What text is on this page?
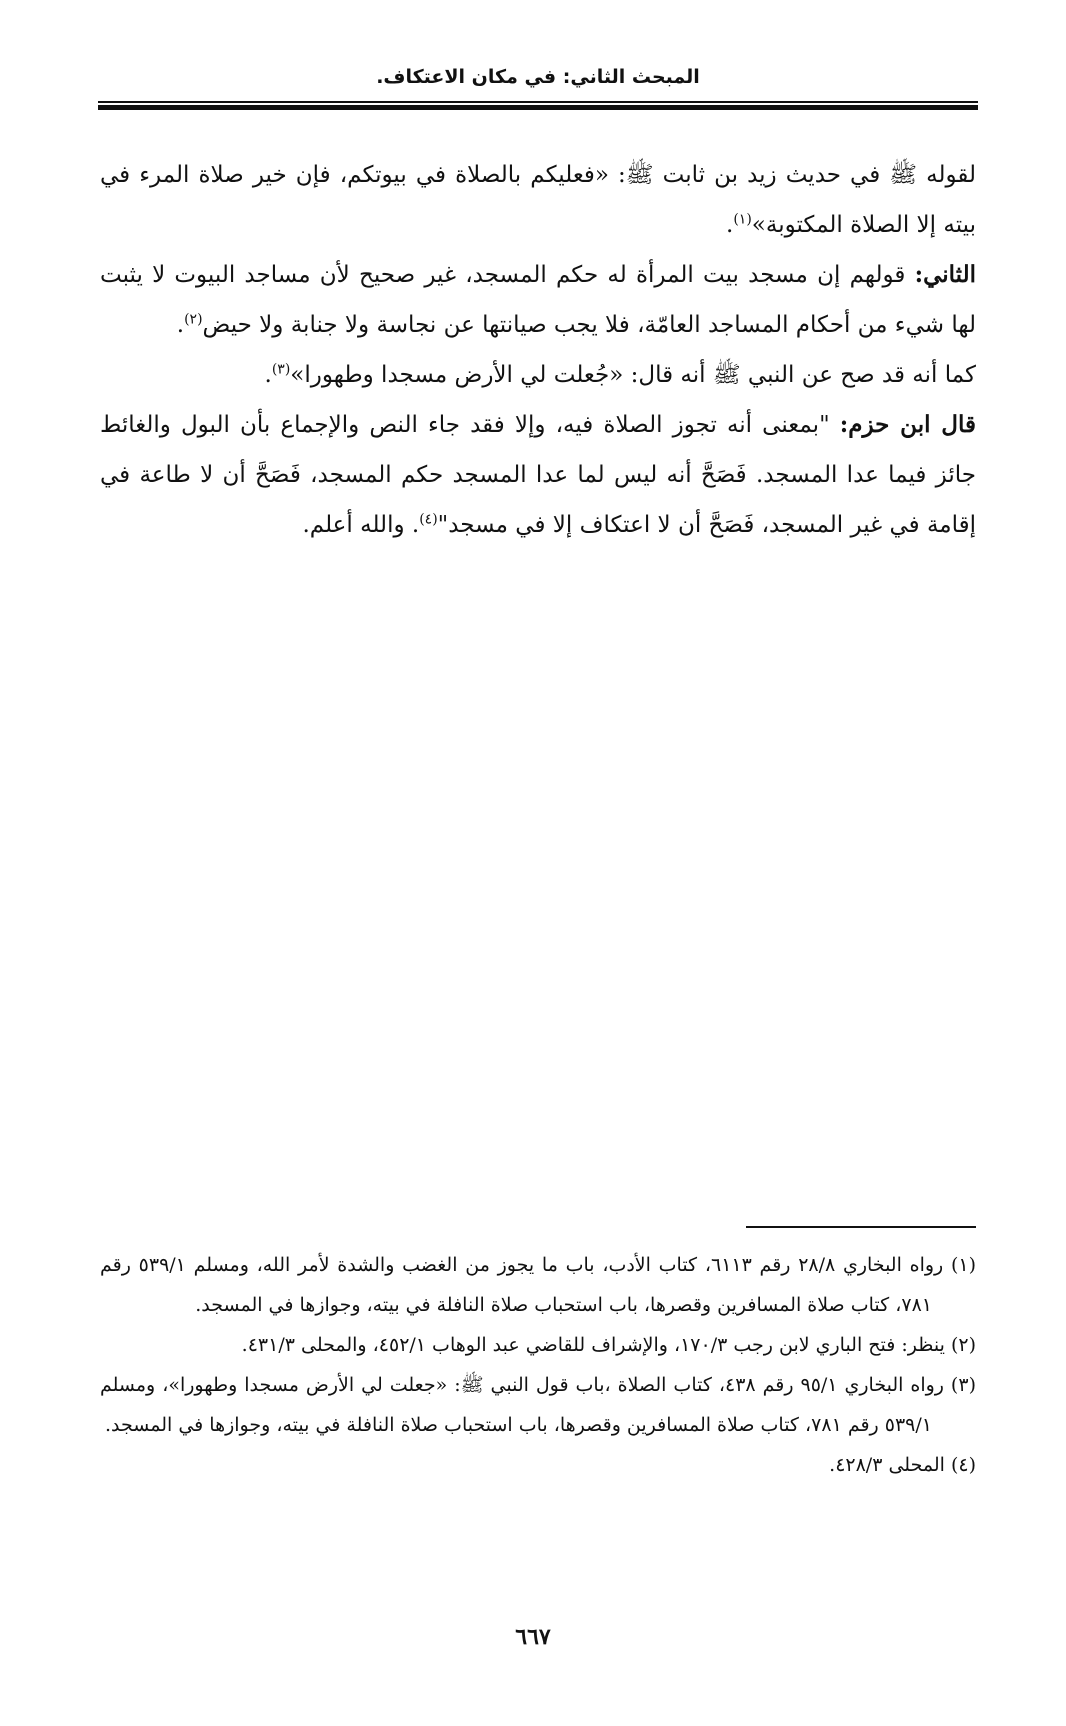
المبحث الثاني: في مكان الاعتكاف.

لقوله ﷺ في حديث زيد بن ثابت ﷺ: «فعليكم بالصلاة في بيوتكم، فإن خير صلاة المرء في بيته إلا الصلاة المكتوبة»$^{(١)}$.

الثاني: قولهم إن مسجد بيت المرأة له حكم المسجد، غير صحيح لأن مساجد البيوت لا يثبت لها شيء من أحكام المساجد العامّة، فلا يجب صيانتها عن نجاسة ولا جنابة ولا حيض$^{(٢)}$.

كما أنه قد صح عن النبي ﷺ أنه قال: «جُعلت لي الأرض مسجدا وطهورا»$^{(٣)}$.

قال ابن حزم: "بمعنى أنه تجوز الصلاة فيه، وإلا فقد جاء النص والإجماع بأن البول والغائط جائز فيما عدا المسجد. فَصَحَّ أنه ليس لما عدا المسجد حكم المسجد، فَصَحَّ أن لا طاعة في إقامة في غير المسجد، فَصَحَّ أن لا اعتكاف إلا في مسجد"$^{(٤)}$. والله أعلم.

(١) رواه البخاري ٢٨/٨ رقم ٦١١٣، كتاب الأدب، باب ما يجوز من الغضب والشدة لأمر الله، ومسلم ٥٣٩/١ رقم ٧٨١، كتاب صلاة المسافرين وقصرها، باب استحباب صلاة النافلة في بيته، وجوازها في المسجد.

(٢) ينظر: فتح الباري لابن رجب ١٧٠/٣، والإشراف للقاضي عبد الوهاب ٤٥٢/١، والمحلى ٤٣١/٣.

(٣) رواه البخاري ٩٥/١ رقم ٤٣٨، كتاب الصلاة ،باب قول النبي ﷺ: «جعلت لي الأرض مسجدا وطهورا»، ومسلم ٥٣٩/١ رقم ٧٨١، كتاب صلاة المسافرين وقصرها، باب استحباب صلاة النافلة في بيته، وجوازها في المسجد.

(٤) المحلى ٤٢٨/٣.

٦٦٧
